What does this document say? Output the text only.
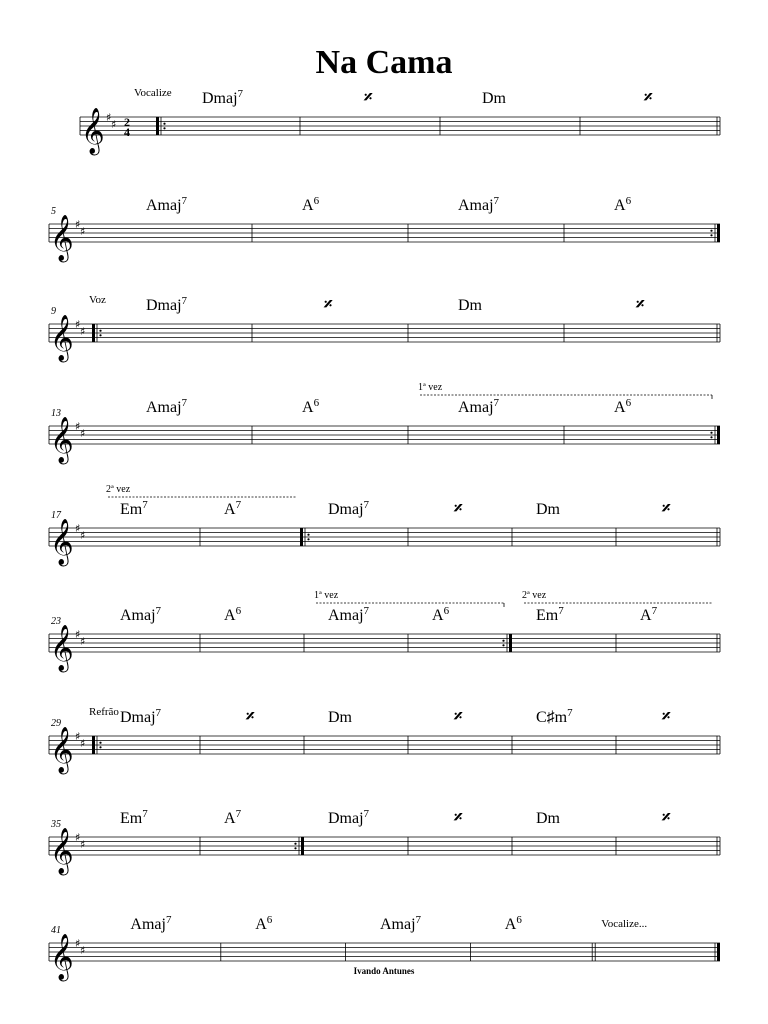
Na Cama
𝄞 ♯
♯ 2
4
Vocalize Dmaj$^7$	𝄎	Dm	𝄎
𝄞 ♯
♯
5	Amaj$^7$	$A^6$	Amaj$^7$	$A^6$
𝄞 ♯
♯
9
Voz	Dmaj$^7$	𝄎	Dm	𝄎
𝄞 ♯
♯
13
1ª vez
Amaj$^7$	$A^6$	Amaj$^7$	$A^6$
𝄞 ♯
♯
17
2ª vez
Em$^7$	$A^7$	Dmaj$^7$	𝄎	Dm	𝄎
𝄞 ♯
♯
23
1ª vez	2ª vez
Amaj$^7$	$A^6$	Amaj$^7$	$A^6$	Em$^7$	$A^7$
𝄞 ♯
♯
29
Refrão Dmaj$^7$	𝄎	Dm	𝄎	$C♯m^7$	𝄎
𝄞 ♯
♯
35	Em$^7$	$A^7$	Dmaj$^7$	𝄎	Dm	𝄎
𝄞 ♯
♯
41	Amaj$^7$	$A^6$	Amaj$^7$	$A^6$	Vocalize...
Ivando Antunes
